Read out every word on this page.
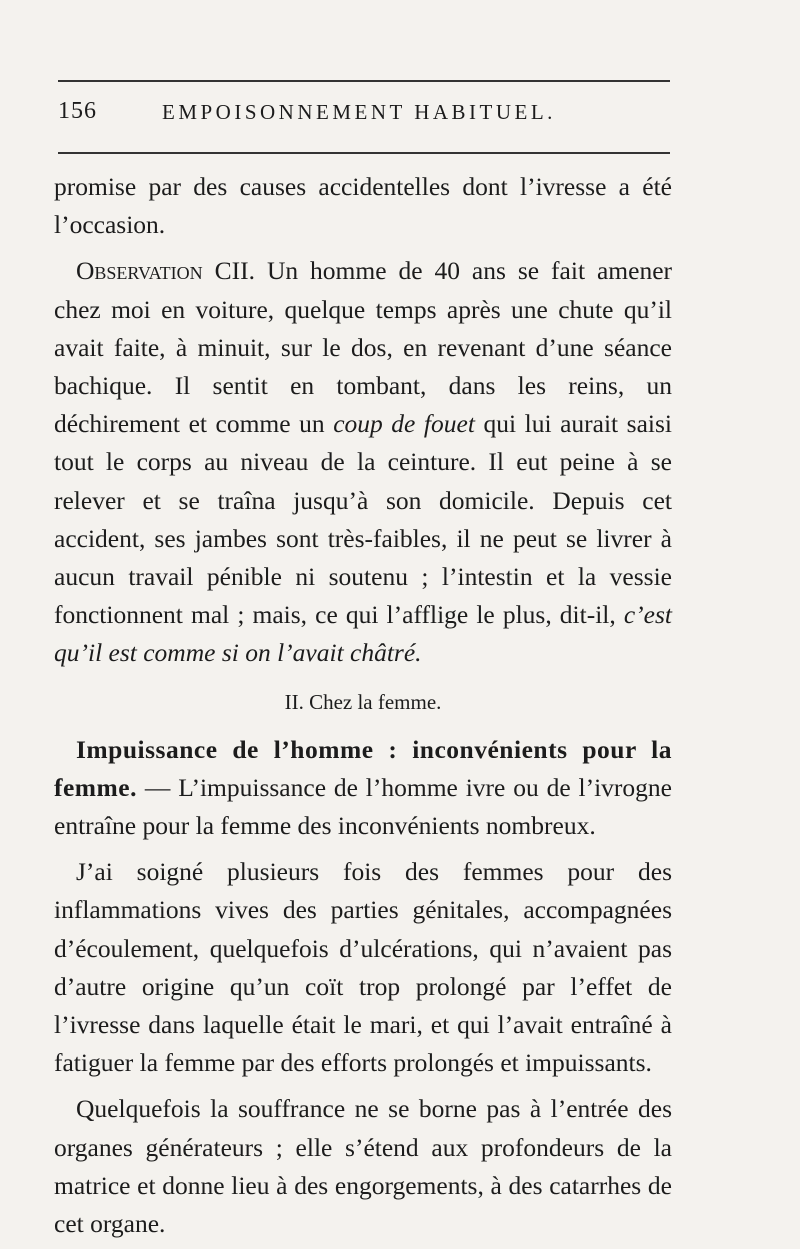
156	EMPOISONNEMENT HABITUEL.

promise par des causes accidentelles dont l’ivresse a été l’occasion.

Observation CII. Un homme de 40 ans se fait amener chez moi en voiture, quelque temps après une chute qu’il avait faite, à minuit, sur le dos, en revenant d’une séance bachique. Il sentit en tombant, dans les reins, un déchirement et comme un coup de fouet qui lui aurait saisi tout le corps au niveau de la ceinture. Il eut peine à se relever et se traîna jusqu’à son domicile. Depuis cet accident, ses jambes sont très-faibles, il ne peut se livrer à aucun travail pénible ni soutenu ; l’intestin et la vessie fonctionnent mal ; mais, ce qui l’afflige le plus, dit-il, c’est qu’il est comme si on l’avait châtré.

II. Chez la femme.

Impuissance de l’homme : inconvénients pour la femme. — L’impuissance de l’homme ivre ou de l’ivrogne entraîne pour la femme des inconvénients nombreux.

J’ai soigné plusieurs fois des femmes pour des inflammations vives des parties génitales, accompagnées d’écoulement, quelquefois d’ulcérations, qui n’avaient pas d’autre origine qu’un coït trop prolongé par l’effet de l’ivresse dans laquelle était le mari, et qui l’avait entraîné à fatiguer la femme par des efforts prolongés et impuissants.

Quelquefois la souffrance ne se borne pas à l’entrée des organes générateurs ; elle s’étend aux profondeurs de la matrice et donne lieu à des engorgements, à des catarrhes de cet organe.
